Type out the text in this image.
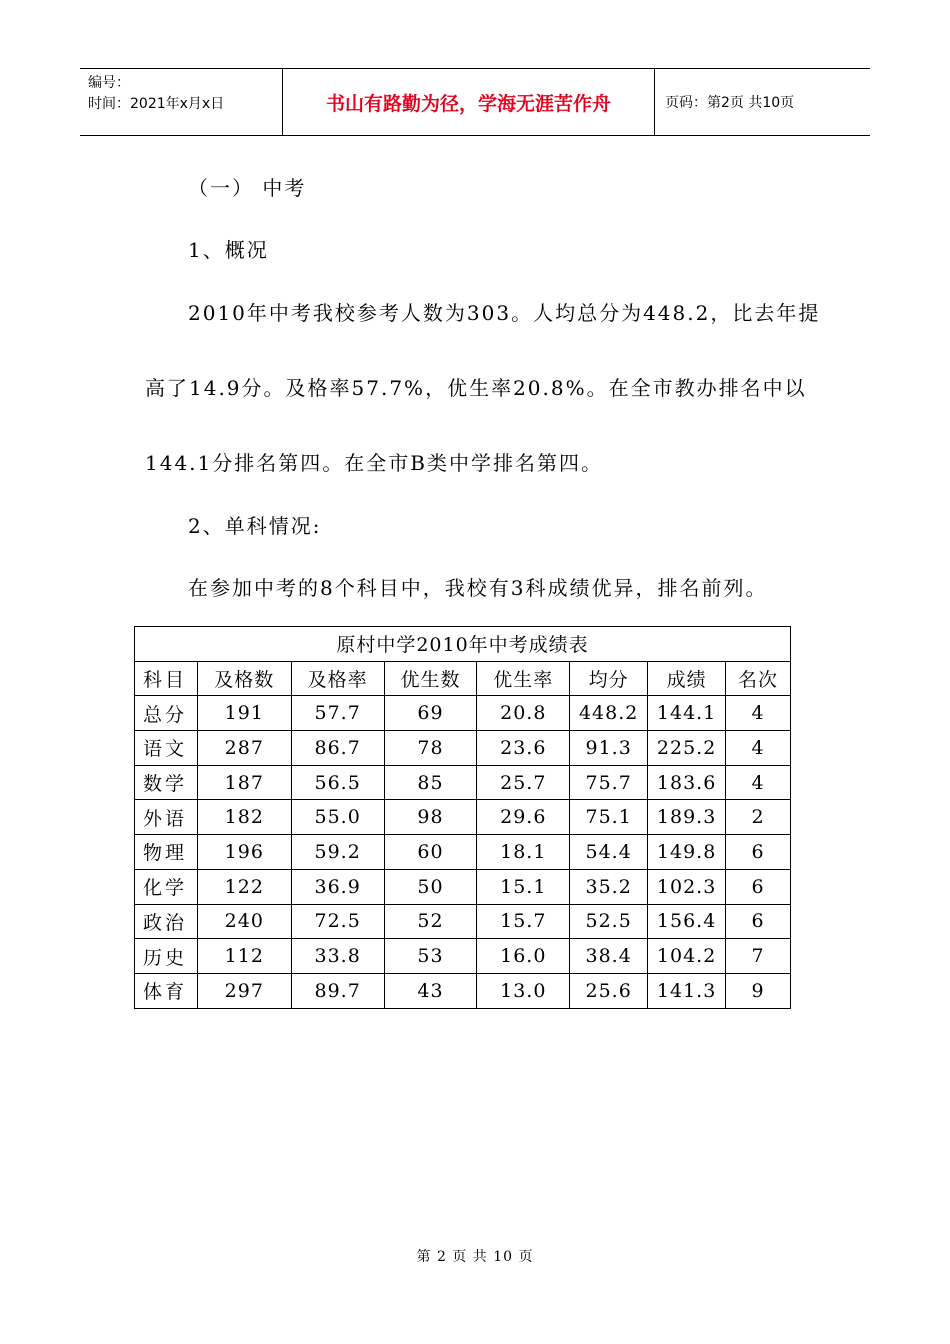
编号：
时间：2021年x月x日	书山有路勤为径，学海无涯苦作舟	页码：第2页 共10页
（一） 中考
1、概况
2010年中考我校参考人数为303。人均总分为448.2，比去年提
高了14.9分。及格率57.7%，优生率20.8%。在全市教办排名中以
144.1分排名第四。在全市B类中学排名第四。
2、单科情况:
在参加中考的8个科目中，我校有3科成绩优异，排名前列。
原村中学2010年中考成绩表							
科目	及格数	及格率	优生数	优生率	均分	成绩	名次
总分	191	57.7	69	20.8	448.2	144.1	4
语文	287	86.7	78	23.6	91.3	225.2	4
数学	187	56.5	85	25.7	75.7	183.6	4
外语	182	55.0	98	29.6	75.1	189.3	2
物理	196	59.2	60	18.1	54.4	149.8	6
化学	122	36.9	50	15.1	35.2	102.3	6
政治	240	72.5	52	15.7	52.5	156.4	6
历史	112	33.8	53	16.0	38.4	104.2	7
体育	297	89.7	43	13.0	25.6	141.3	9
第 2 页 共 10 页
